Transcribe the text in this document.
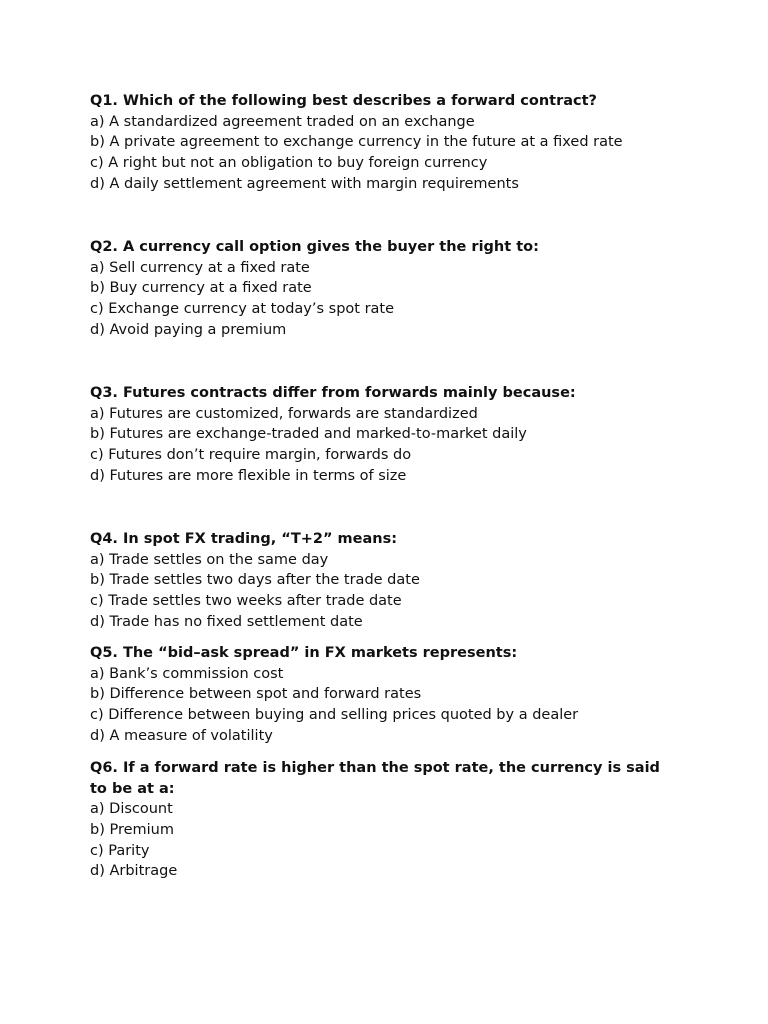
Q1. Which of the following best describes a forward contract?

a) A standardized agreement traded on an exchange
b) A private agreement to exchange currency in the future at a fixed rate
c) A right but not an obligation to buy foreign currency
d) A daily settlement agreement with margin requirements

Q2. A currency call option gives the buyer the right to:

a) Sell currency at a fixed rate
b) Buy currency at a fixed rate
c) Exchange currency at today’s spot rate
d) Avoid paying a premium

Q3. Futures contracts differ from forwards mainly because:

a) Futures are customized, forwards are standardized
b) Futures are exchange-traded and marked-to-market daily
c) Futures don’t require margin, forwards do
d) Futures are more flexible in terms of size

Q4. In spot FX trading, “T+2” means:

a) Trade settles on the same day
b) Trade settles two days after the trade date
c) Trade settles two weeks after trade date
d) Trade has no fixed settlement date

Q5. The “bid–ask spread” in FX markets represents:

a) Bank’s commission cost
b) Difference between spot and forward rates
c) Difference between buying and selling prices quoted by a dealer
d) A measure of volatility

Q6. If a forward rate is higher than the spot rate, the currency is said to be at a:

a) Discount
b) Premium
c) Parity
d) Arbitrage
